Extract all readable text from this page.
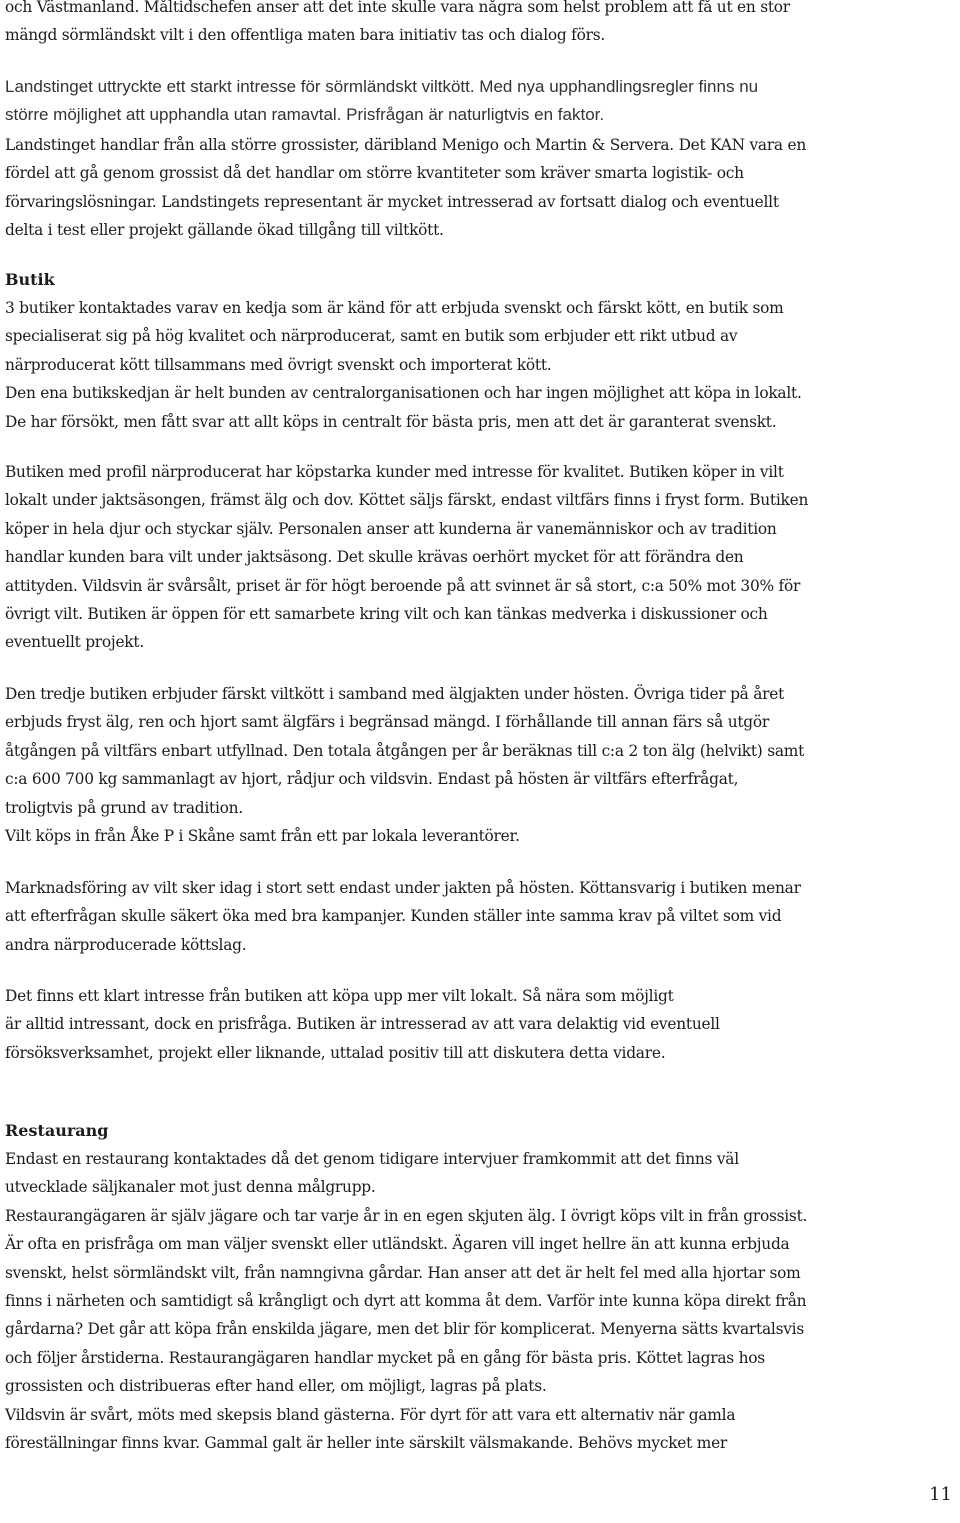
och Västmanland. Måltidschefen anser att det inte skulle vara några som helst problem att få ut en stor
mängd sörmländskt vilt i den offentliga maten bara initiativ tas och dialog förs.
Landstinget uttryckte ett starkt intresse för sörmländskt viltkött. Med nya upphandlingsregler finns nu
större möjlighet att upphandla utan ramavtal. Prisfrågan är naturligtvis en faktor.
Landstinget handlar från alla större grossister, däribland Menigo och Martin & Servera. Det KAN vara en
fördel att gå genom grossist då det handlar om större kvantiteter som kräver smarta logistik- och
förvaringslösningar. Landstingets representant är mycket intresserad av fortsatt dialog och eventuellt
delta i test eller projekt gällande ökad tillgång till viltkött.
Butik
3 butiker kontaktades varav en kedja som är känd för att erbjuda svenskt och färskt kött, en butik som
specialiserat sig på hög kvalitet och närproducerat, samt en butik som erbjuder ett rikt utbud av
närproducerat kött tillsammans med övrigt svenskt och importerat kött.
Den ena butikskedjan är helt bunden av centralorganisationen och har ingen möjlighet att köpa in lokalt.
De har försökt, men fått svar att allt köps in centralt för bästa pris, men att det är garanterat svenskt.
Butiken med profil närproducerat har köpstarka kunder med intresse för kvalitet. Butiken köper in vilt
lokalt under jaktsäsongen, främst älg och dov. Köttet säljs färskt, endast viltfärs finns i fryst form. Butiken
köper in hela djur och styckar själv. Personalen anser att kunderna är vanemänniskor och av tradition
handlar kunden bara vilt under jaktsäsong. Det skulle krävas oerhört mycket för att förändra den
attityden. Vildsvin är svårsålt, priset är för högt beroende på att svinnet är så stort, c:a 50% mot 30% för
övrigt vilt. Butiken är öppen för ett samarbete kring vilt och kan tänkas medverka i diskussioner och
eventuellt projekt.
Den tredje butiken erbjuder färskt viltkött i samband med älgjakten under hösten. Övriga tider på året
erbjuds fryst älg, ren och hjort samt älgfärs i begränsad mängd. I förhållande till annan färs så utgör
åtgången på viltfärs enbart utfyllnad. Den totala åtgången per år beräknas till c:a 2 ton älg (helvikt) samt
c:a 600 700 kg sammanlagt av hjort, rådjur och vildsvin. Endast på hösten är viltfärs efterfrågat,
troligtvis på grund av tradition.
Vilt köps in från Åke P i Skåne samt från ett par lokala leverantörer.
Marknadsföring av vilt sker idag i stort sett endast under jakten på hösten. Köttansvarig i butiken menar
att efterfrågan skulle säkert öka med bra kampanjer. Kunden ställer inte samma krav på viltet som vid
andra närproducerade köttslag.
Det finns ett klart intresse från butiken att köpa upp mer vilt lokalt. Så nära som möjligt
är alltid intressant, dock en prisfråga. Butiken är intresserad av att vara delaktig vid eventuell
försöksverksamhet, projekt eller liknande, uttalad positiv till att diskutera detta vidare.
Restaurang
Endast en restaurang kontaktades då det genom tidigare intervjuer framkommit att det finns väl
utvecklade säljkanaler mot just denna målgrupp.
Restaurangägaren är själv jägare och tar varje år in en egen skjuten älg. I övrigt köps vilt in från grossist.
Är ofta en prisfråga om man väljer svenskt eller utländskt. Ägaren vill inget hellre än att kunna erbjuda
svenskt, helst sörmländskt vilt, från namngivna gårdar. Han anser att det är helt fel med alla hjortar som
finns i närheten och samtidigt så krångligt och dyrt att komma åt dem. Varför inte kunna köpa direkt från
gårdarna? Det går att köpa från enskilda jägare, men det blir för komplicerat. Menyerna sätts kvartalsvis
och följer årstiderna. Restaurangägaren handlar mycket på en gång för bästa pris. Köttet lagras hos
grossisten och distribueras efter hand eller, om möjligt, lagras på plats.
Vildsvin är svårt, möts med skepsis bland gästerna. För dyrt för att vara ett alternativ när gamla
föreställningar finns kvar. Gammal galt är heller inte särskilt välsmakande. Behövs mycket mer
11
